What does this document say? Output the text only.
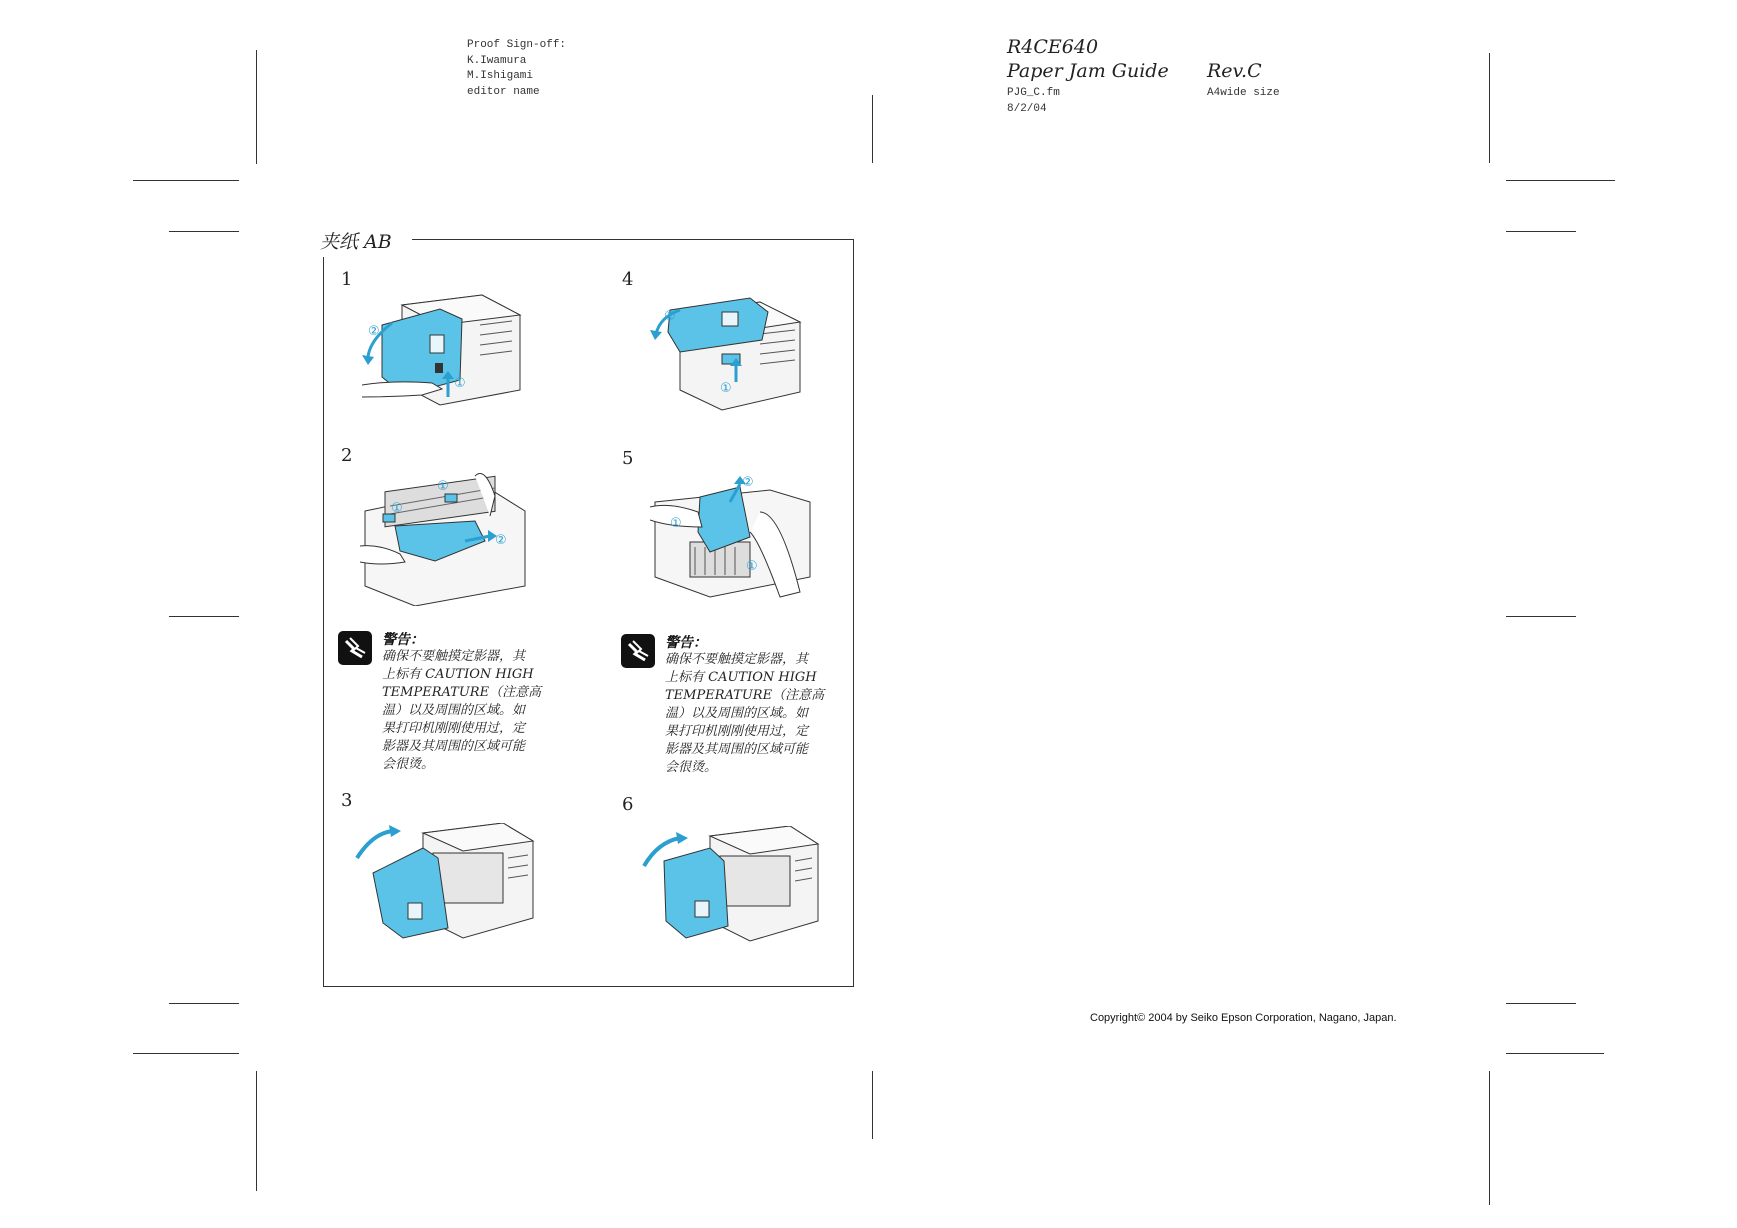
Proof Sign-off:
K.Iwamura
M.Ishigami
editor name
R4CE640
Paper Jam Guide Rev.C
PJG_C.fm
8/2/04
A4wide size
夹纸 AB
1
2
3
4
5
6
②
①
②
①
①
①
②
①
②
①
警告：
确保不要触摸定影器，其
上标有 CAUTION HIGH
TEMPERATURE（注意高
温）以及周围的区域。如
果打印机刚刚使用过，定
影器及其周围的区域可能
会很烫。
警告：
确保不要触摸定影器，其
上标有 CAUTION HIGH
TEMPERATURE（注意高
温）以及周围的区域。如
果打印机刚刚使用过，定
影器及其周围的区域可能
会很烫。
Copyright© 2004 by Seiko Epson Corporation, Nagano, Japan.
